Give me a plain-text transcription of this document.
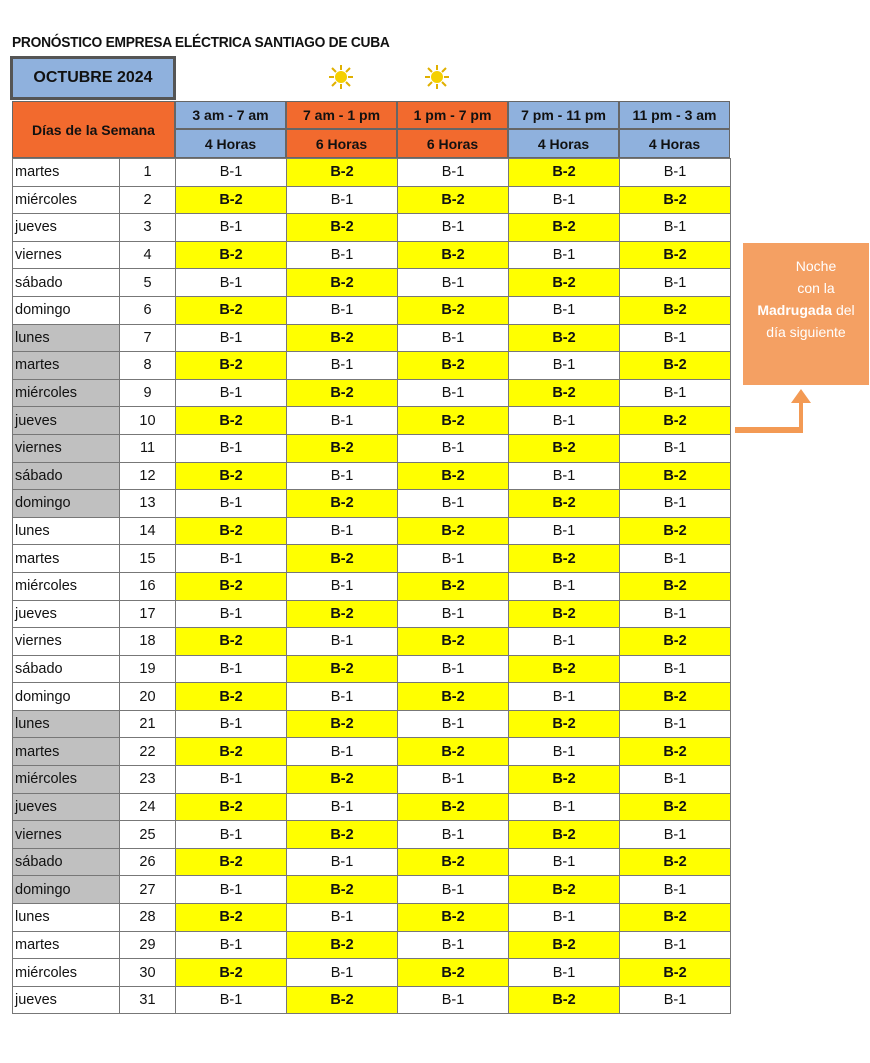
PRONÓSTICO EMPRESA ELÉCTRICA SANTIAGO DE CUBA
OCTUBRE 2024
Días de la Semana
3 am - 7 am	7 am - 1 pm	1 pm - 7 pm	7 pm - 11 pm	11 pm - 3 am
4 Horas	6 Horas	6 Horas	4 Horas	4 Horas
martes	1	B-1	B-2	B-1	B-2	B-1
miércoles	2	B-2	B-1	B-2	B-1	B-2
jueves	3	B-1	B-2	B-1	B-2	B-1
viernes	4	B-2	B-1	B-2	B-1	B-2
sábado	5	B-1	B-2	B-1	B-2	B-1
domingo	6	B-2	B-1	B-2	B-1	B-2
lunes	7	B-1	B-2	B-1	B-2	B-1
martes	8	B-2	B-1	B-2	B-1	B-2
miércoles	9	B-1	B-2	B-1	B-2	B-1
jueves	10	B-2	B-1	B-2	B-1	B-2
viernes	11	B-1	B-2	B-1	B-2	B-1
sábado	12	B-2	B-1	B-2	B-1	B-2
domingo	13	B-1	B-2	B-1	B-2	B-1
lunes	14	B-2	B-1	B-2	B-1	B-2
martes	15	B-1	B-2	B-1	B-2	B-1
miércoles	16	B-2	B-1	B-2	B-1	B-2
jueves	17	B-1	B-2	B-1	B-2	B-1
viernes	18	B-2	B-1	B-2	B-1	B-2
sábado	19	B-1	B-2	B-1	B-2	B-1
domingo	20	B-2	B-1	B-2	B-1	B-2
lunes	21	B-1	B-2	B-1	B-2	B-1
martes	22	B-2	B-1	B-2	B-1	B-2
miércoles	23	B-1	B-2	B-1	B-2	B-1
jueves	24	B-2	B-1	B-2	B-1	B-2
viernes	25	B-1	B-2	B-1	B-2	B-1
sábado	26	B-2	B-1	B-2	B-1	B-2
domingo	27	B-1	B-2	B-1	B-2	B-1
lunes	28	B-2	B-1	B-2	B-1	B-2
martes	29	B-1	B-2	B-1	B-2	B-1
miércoles	30	B-2	B-1	B-2	B-1	B-2
jueves	31	B-1	B-2	B-1	B-2	B-1
Noche
con la
Madrugada del
día siguiente
